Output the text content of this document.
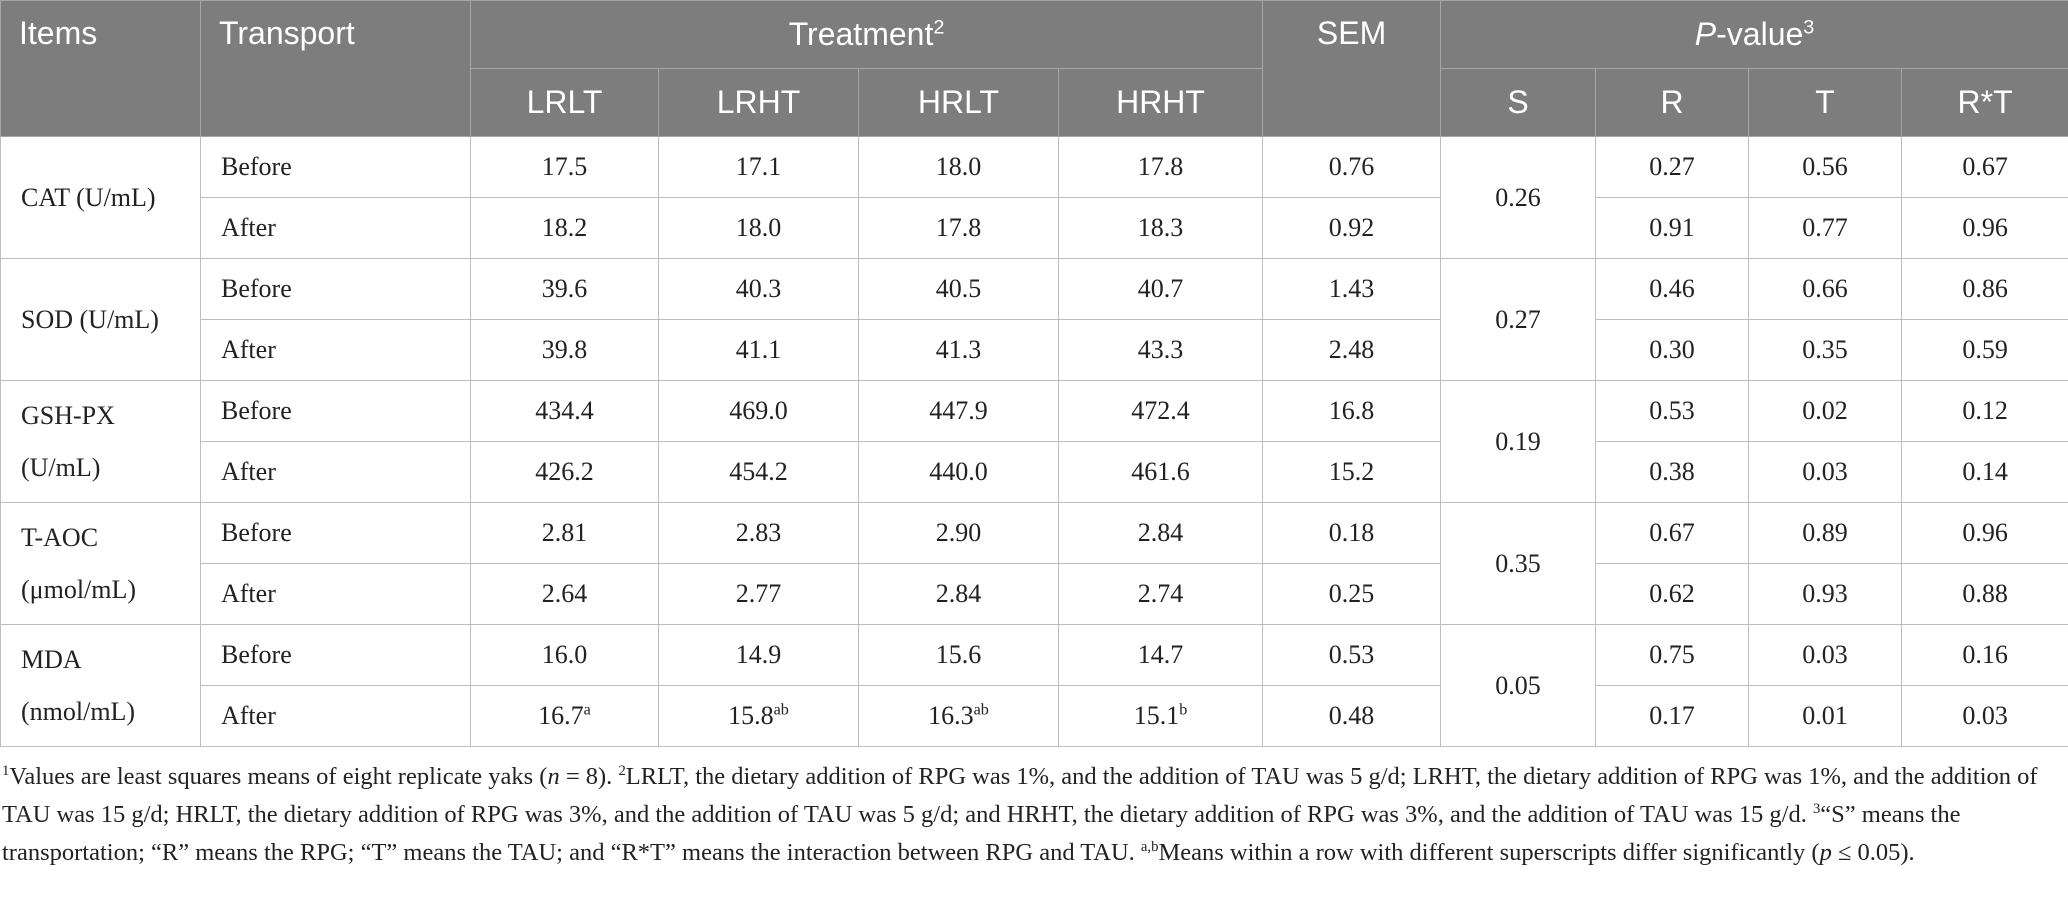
Items	Transport	Treatment$^2$				SEM	P-value$^3$
		LRLT	LRHT	HRLT	HRHT		S	R	T	R*T
CAT (U/mL)	Before	17.5	17.1	18.0	17.8	0.76	0.26	0.27	0.56	0.67
	After	18.2	18.0	17.8	18.3	0.92		0.91	0.77	0.96
SOD (U/mL)	Before	39.6	40.3	40.5	40.7	1.43	0.27	0.46	0.66	0.86
	After	39.8	41.1	41.3	43.3	2.48		0.30	0.35	0.59
GSH-PX (U/mL)	Before	434.4	469.0	447.9	472.4	16.8	0.19	0.53	0.02	0.12
	After	426.2	454.2	440.0	461.6	15.2		0.38	0.03	0.14
T-AOC (μmol/mL)	Before	2.81	2.83	2.90	2.84	0.18	0.35	0.67	0.89	0.96
	After	2.64	2.77	2.84	2.74	0.25		0.62	0.93	0.88
MDA (nmol/mL)	Before	16.0	14.9	15.6	14.7	0.53	0.05	0.75	0.03	0.16
	After	16.7$^a$	15.8$^{ab}$	16.3$^{ab}$	15.1$^b$	0.48		0.17	0.01	0.03
$^1$Values are least squares means of eight replicate yaks (n = 8). $^2$LRLT, the dietary addition of RPG was 1%, and the addition of TAU was 5 g/d; LRHT, the dietary addition of RPG was 1%, and the addition of TAU was 15 g/d; HRLT, the dietary addition of RPG was 3%, and the addition of TAU was 5 g/d; and HRHT, the dietary addition of RPG was 3%, and the addition of TAU was 15 g/d. $^3$“S” means the transportation; “R” means the RPG; “T” means the TAU; and “R*T” means the interaction between RPG and TAU. $^{a,b}$Means within a row with different superscripts differ significantly (p ≤ 0.05).
